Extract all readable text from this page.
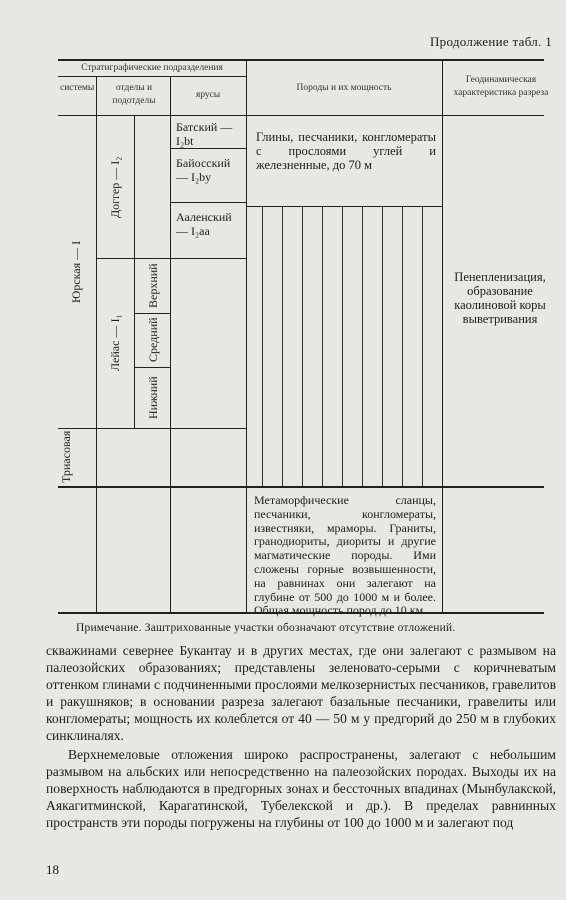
Продолжение табл. 1
Стратиграфические подразделения
системы	отделы и подотделы
ярусы
Породы и их мощность
Геодинамическая характеристика разреза
Юрская — I
Триасовая
Доггер — I₂
Лейас — I₁
Верхний
Средний
Нижний
Батский — I₂bt
Байосский — I₂by
Ааленский — I₂aa
Глины, песчаники, конгломераты с прослоями углей и железненные, до 70 м
Пенепленизация, образование каолиновой коры выветривания
Метаморфические сланцы, песчаники, конгломераты, известняки, мраморы. Граниты, гранодиориты, диориты и другие магматические породы. Ими сложены горные возвышенности, на равнинах они залегают на глубине от 500 до 1000 м и более. Общая мощность пород до 10 км.
Примечание. Заштрихованные участки обозначают отсутствие отложений.

скважинами севернее Букантау и в других местах, где они залегают с размывом на палеозойских образованиях; представлены зеленовато-серыми с коричневатым оттенком глинами с подчиненными прослоями мелкозернистых песчаников, гравелитов и ракушняков; в основании разреза залегают базальные песчаники, гравелиты или конгломераты; мощность их колеблется от 40 — 50 м у предгорий до 250 м в глубоких синклиналях.

Верхнемеловые отложения широко распространены, залегают с небольшим размывом на альбских или непосредственно на палеозойских породах. Выходы их на поверхность наблюдаются в предгорных зонах и бессточных впадинах (Мынбулакской, Аякагитминской, Карагатинской, Тубелекской и др.). В пределах равнинных пространств эти породы погружены на глубины от 100 до 1000 м и залегают под

18
